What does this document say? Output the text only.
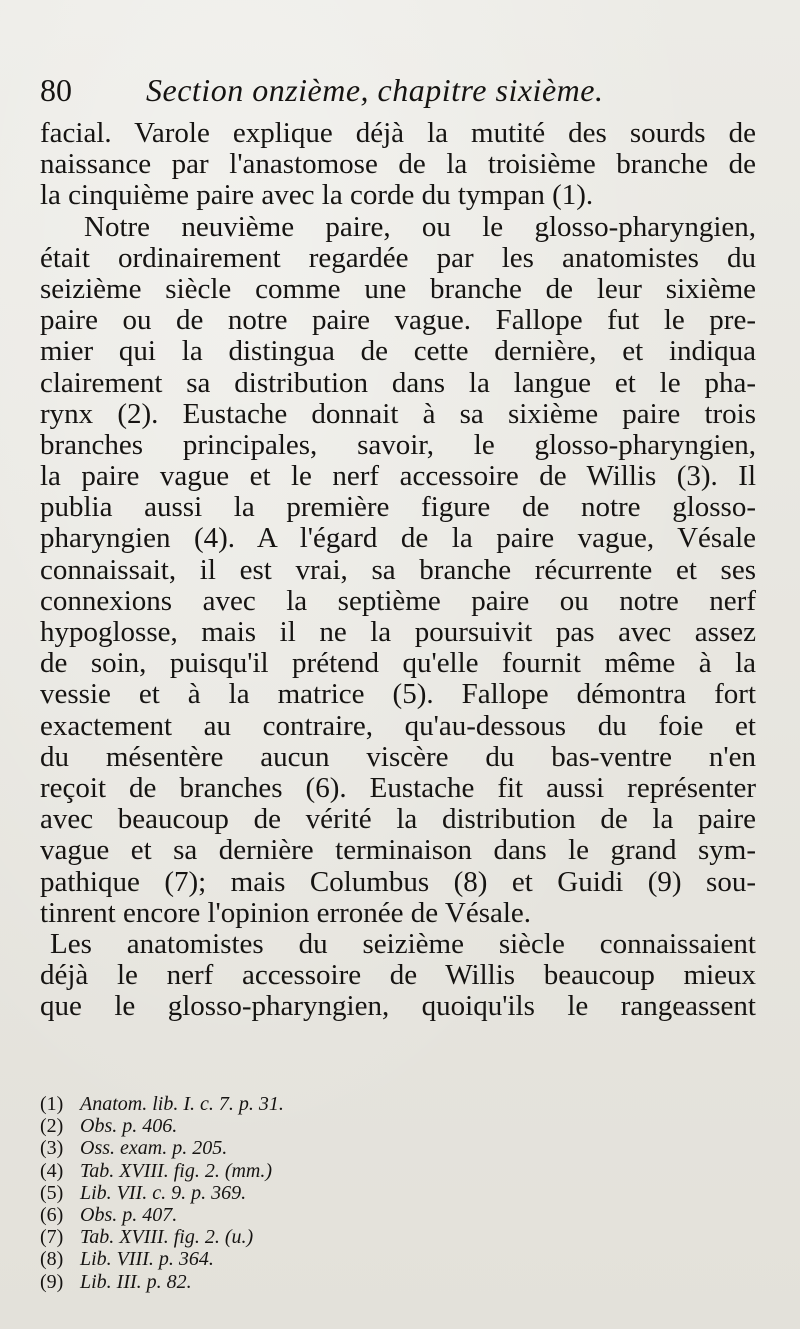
80 Section onzième, chapitre sixième.
facial. Varole explique déjà la mutité des sourds de
naissance par l'anastomose de la troisième branche de
la cinquième paire avec la corde du tympan (1).
Notre neuvième paire, ou le glosso-pharyngien,
était ordinairement regardée par les anatomistes du
seizième siècle comme une branche de leur sixième
paire ou de notre paire vague. Fallope fut le pre-
mier qui la distingua de cette dernière, et indiqua
clairement sa distribution dans la langue et le pha-
rynx (2). Eustache donnait à sa sixième paire trois
branches principales, savoir, le glosso-pharyngien,
la paire vague et le nerf accessoire de Willis (3). Il
publia aussi la première figure de notre glosso-
pharyngien (4). A l'égard de la paire vague, Vésale
connaissait, il est vrai, sa branche récurrente et ses
connexions avec la septième paire ou notre nerf
hypoglosse, mais il ne la poursuivit pas avec assez
de soin, puisqu'il prétend qu'elle fournit même à la
vessie et à la matrice (5). Fallope démontra fort
exactement au contraire, qu'au-dessous du foie et
du mésentère aucun viscère du bas-ventre n'en
reçoit de branches (6). Eustache fit aussi représenter
avec beaucoup de vérité la distribution de la paire
vague et sa dernière terminaison dans le grand sym-
pathique (7); mais Columbus (8) et Guidi (9) sou-
tinrent encore l'opinion erronée de Vésale.
Les anatomistes du seizième siècle connaissaient
déjà le nerf accessoire de Willis beaucoup mieux
que le glosso-pharyngien, quoiqu'ils le rangeassent
(1) Anatom. lib. I. c. 7. p. 31.
(2) Obs. p. 406.
(3) Oss. exam. p. 205.
(4) Tab. XVIII. fig. 2. (mm.)
(5) Lib. VII. c. 9. p. 369.
(6) Obs. p. 407.
(7) Tab. XVIII. fig. 2. (u.)
(8) Lib. VIII. p. 364.
(9) Lib. III. p. 82.
